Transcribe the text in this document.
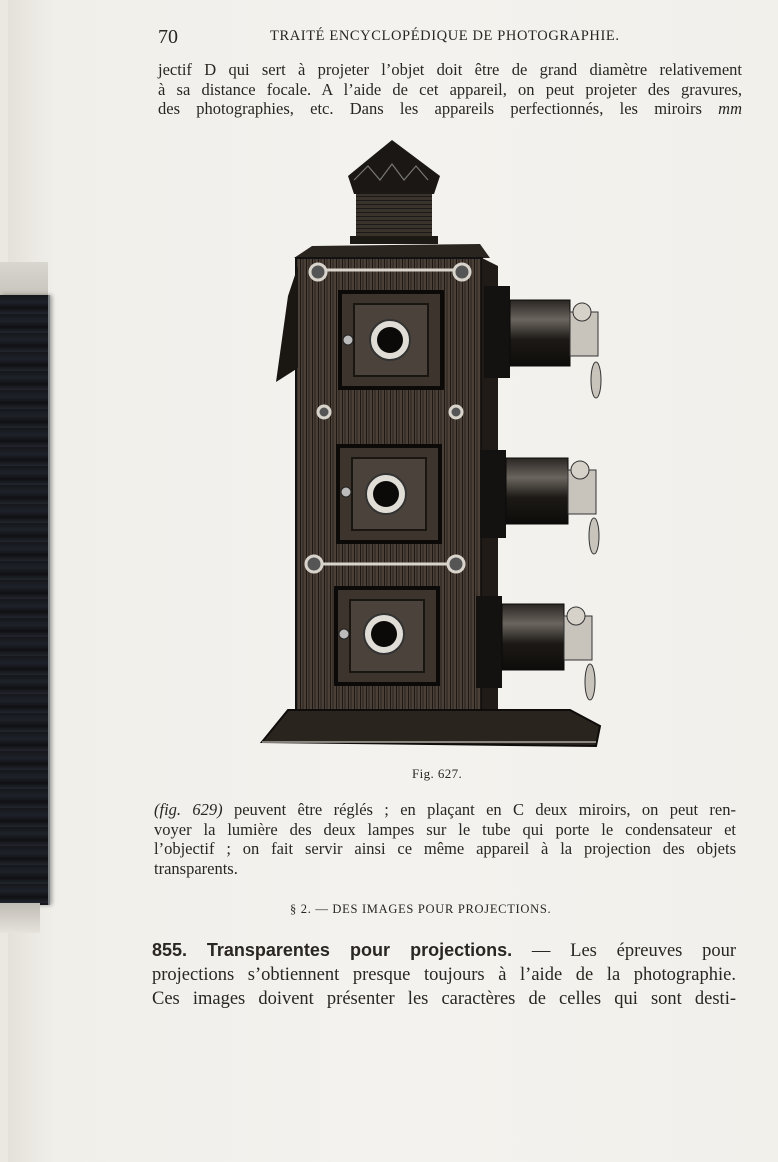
70	TRAITÉ ENCYCLOPÉDIQUE DE PHOTOGRAPHIE.
jectif D qui sert à projeter l’objet doit être de grand diamètre relativement
à sa distance focale. A l’aide de cet appareil, on peut projeter des gravures,
des photographies, etc. Dans les appareils perfectionnés, les miroirs mm
Fig. 627.
(fig. 629) peuvent être réglés ; en plaçant en C deux miroirs, on peut ren-
voyer la lumière des deux lampes sur le tube qui porte le condensateur et
l’objectif ; on fait servir ainsi ce même appareil à la projection des objets
transparents.
§ 2. — DES IMAGES POUR PROJECTIONS.
855. Transparentes pour projections. — Les épreuves pour
projections s’obtiennent presque toujours à l’aide de la photographie.
Ces images doivent présenter les caractères de celles qui sont desti-
